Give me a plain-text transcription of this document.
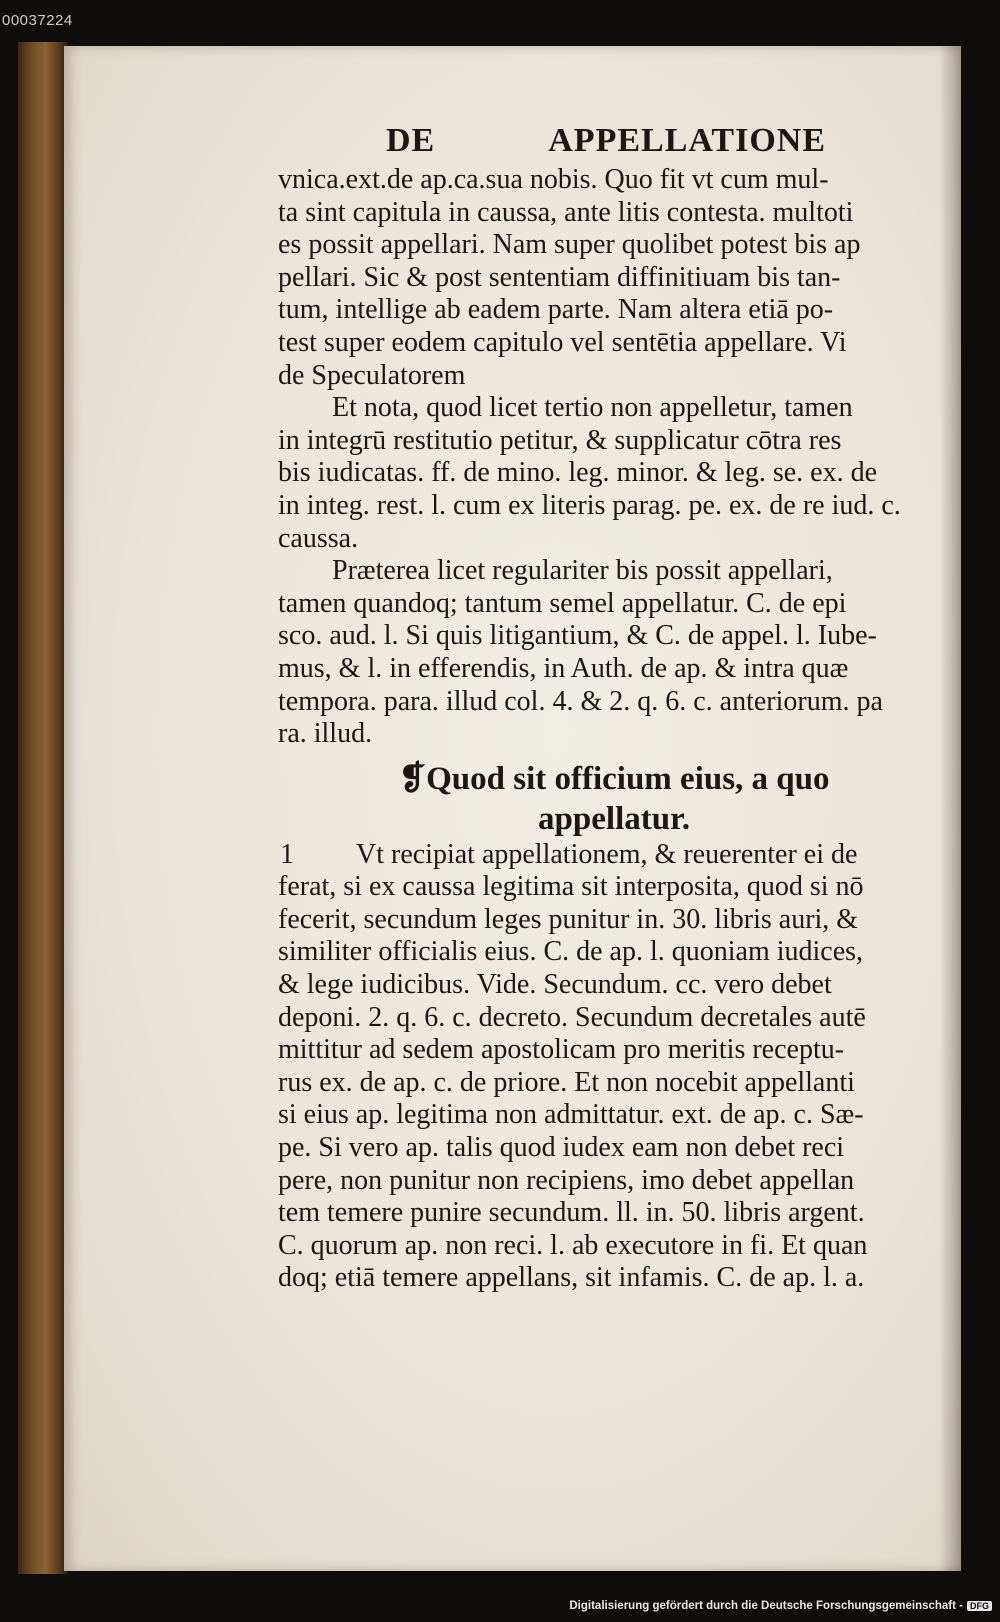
00037224
DE	APPELLATIONE
vnica.ext.de ap.ca.sua nobis. Quo fit vt cum mul-
ta sint capitula in caussa, ante litis contesta. multoti
es possit appellari. Nam super quolibet potest bis ap
pellari. Sic & post sententiam diffinitiuam bis tan-
tum, intellige ab eadem parte. Nam altera etiā po-
test super eodem capitulo vel sentētia appellare. Vi
de Speculatorem
Et nota, quod licet tertio non appelletur, tamen
in integrū restitutio petitur, & supplicatur cōtra res
bis iudicatas. ff. de mino. leg. minor. & leg. se. ex. de
in integ. rest. l. cum ex literis parag. pe. ex. de re iud. c.
caussa.
Præterea licet regulariter bis possit appellari,
tamen quandoq; tantum semel appellatur. C. de epi
sco. aud. l. Si quis litigantium, & C. de appel. l. Iube-
mus, & l. in efferendis, in Auth. de ap. & intra quæ
tempora. para. illud col. 4. & 2. q. 6. c. anteriorum. pa
ra. illud.
❡Quod sit officium eius, a quo
appellatur.
1 Vt recipiat appellationem, & reuerenter ei de
ferat, si ex caussa legitima sit interposita, quod si nō
fecerit, secundum leges punitur in. 30. libris auri, &
similiter officialis eius. C. de ap. l. quoniam iudices,
& lege iudicibus. Vide. Secundum. cc. vero debet
deponi. 2. q. 6. c. decreto. Secundum decretales autē
mittitur ad sedem apostolicam pro meritis receptu-
rus ex. de ap. c. de priore. Et non nocebit appellanti
si eius ap. legitima non admittatur. ext. de ap. c. Sæ-
pe. Si vero ap. talis quod iudex eam non debet reci
pere, non punitur non recipiens, imo debet appellan
tem temere punire secundum. ll. in. 50. libris argent.
C. quorum ap. non reci. l. ab executore in fi. Et quan
doq; etiā temere appellans, sit infamis. C. de ap. l. a.
Digitalisierung gefördert durch die Deutsche Forschungsgemeinschaft - DFG
